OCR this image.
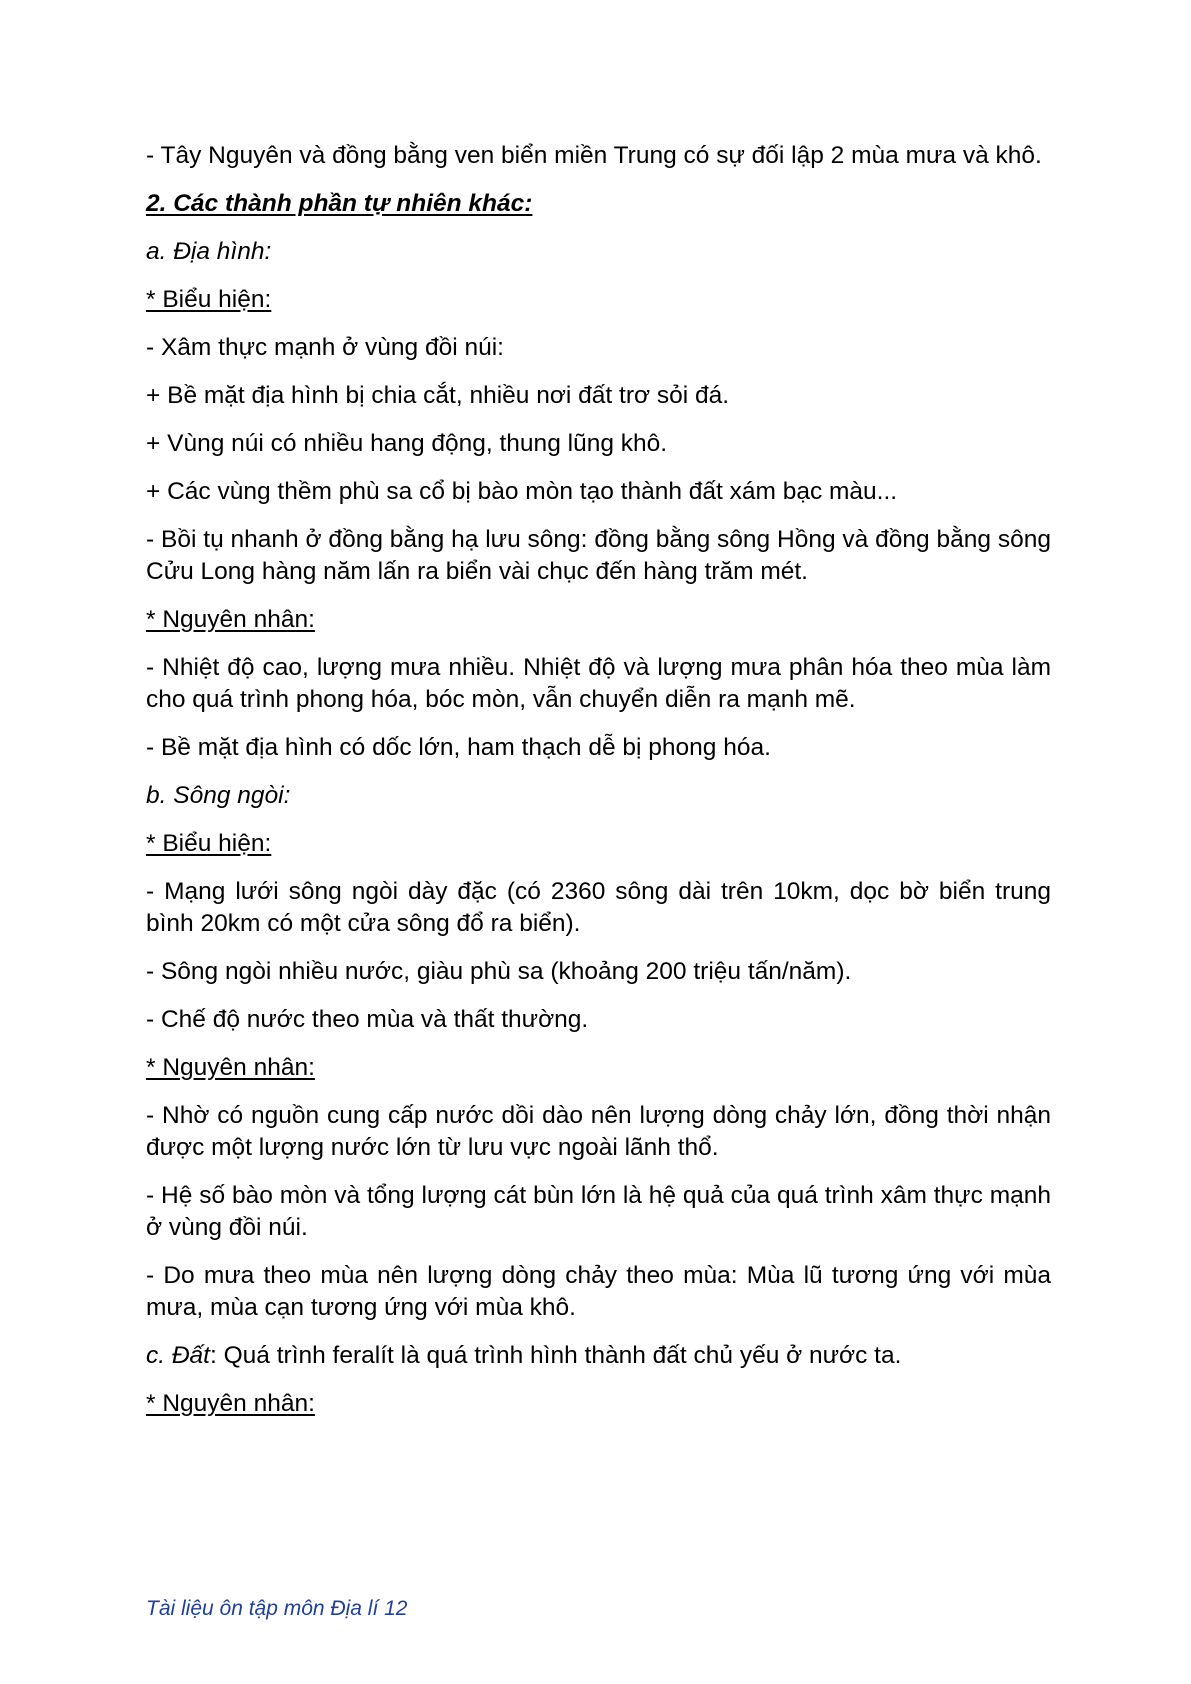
- Tây Nguyên và đồng bằng ven biển miền Trung có sự đối lập 2 mùa mưa và khô.

2. Các thành phần tự nhiên khác:

a. Địa hình:

* Biểu hiện:

- Xâm thực mạnh ở vùng đồi núi:

+ Bề mặt địa hình bị chia cắt, nhiều nơi đất trơ sỏi đá.

+ Vùng núi có nhiều hang động, thung lũng khô.

+ Các vùng thềm phù sa cổ bị bào mòn tạo thành đất xám bạc màu...

- Bồi tụ nhanh ở đồng bằng hạ lưu sông: đồng bằng sông Hồng và đồng bằng sông Cửu Long hàng năm lấn ra biển vài chục đến hàng trăm mét.

* Nguyên nhân:

- Nhiệt độ cao, lượng mưa nhiều. Nhiệt độ và lượng mưa phân hóa theo mùa làm cho quá trình phong hóa, bóc mòn, vẫn chuyển diễn ra mạnh mẽ.

- Bề mặt địa hình có dốc lớn, ham thạch dễ bị phong hóa.

b. Sông ngòi:

* Biểu hiện:

- Mạng lưới sông ngòi dày đặc (có 2360 sông dài trên 10km, dọc bờ biển trung bình 20km có một cửa sông đổ ra biển).

- Sông ngòi nhiều nước, giàu phù sa (khoảng 200 triệu tấn/năm).

- Chế độ nước theo mùa và thất thường.

* Nguyên nhân:

- Nhờ có nguồn cung cấp nước dồi dào nên lượng dòng chảy lớn, đồng thời nhận được một lượng nước lớn từ lưu vực ngoài lãnh thổ.

- Hệ số bào mòn và tổng lượng cát bùn lớn là hệ quả của quá trình xâm thực mạnh ở vùng đồi núi.

- Do mưa theo mùa nên lượng dòng chảy theo mùa: Mùa lũ tương ứng với mùa mưa, mùa cạn tương ứng với mùa khô.

c. Đất: Quá trình feralít là quá trình hình thành đất chủ yếu ở nước ta.

* Nguyên nhân:

Tài liệu ôn tập môn Địa lí 12
